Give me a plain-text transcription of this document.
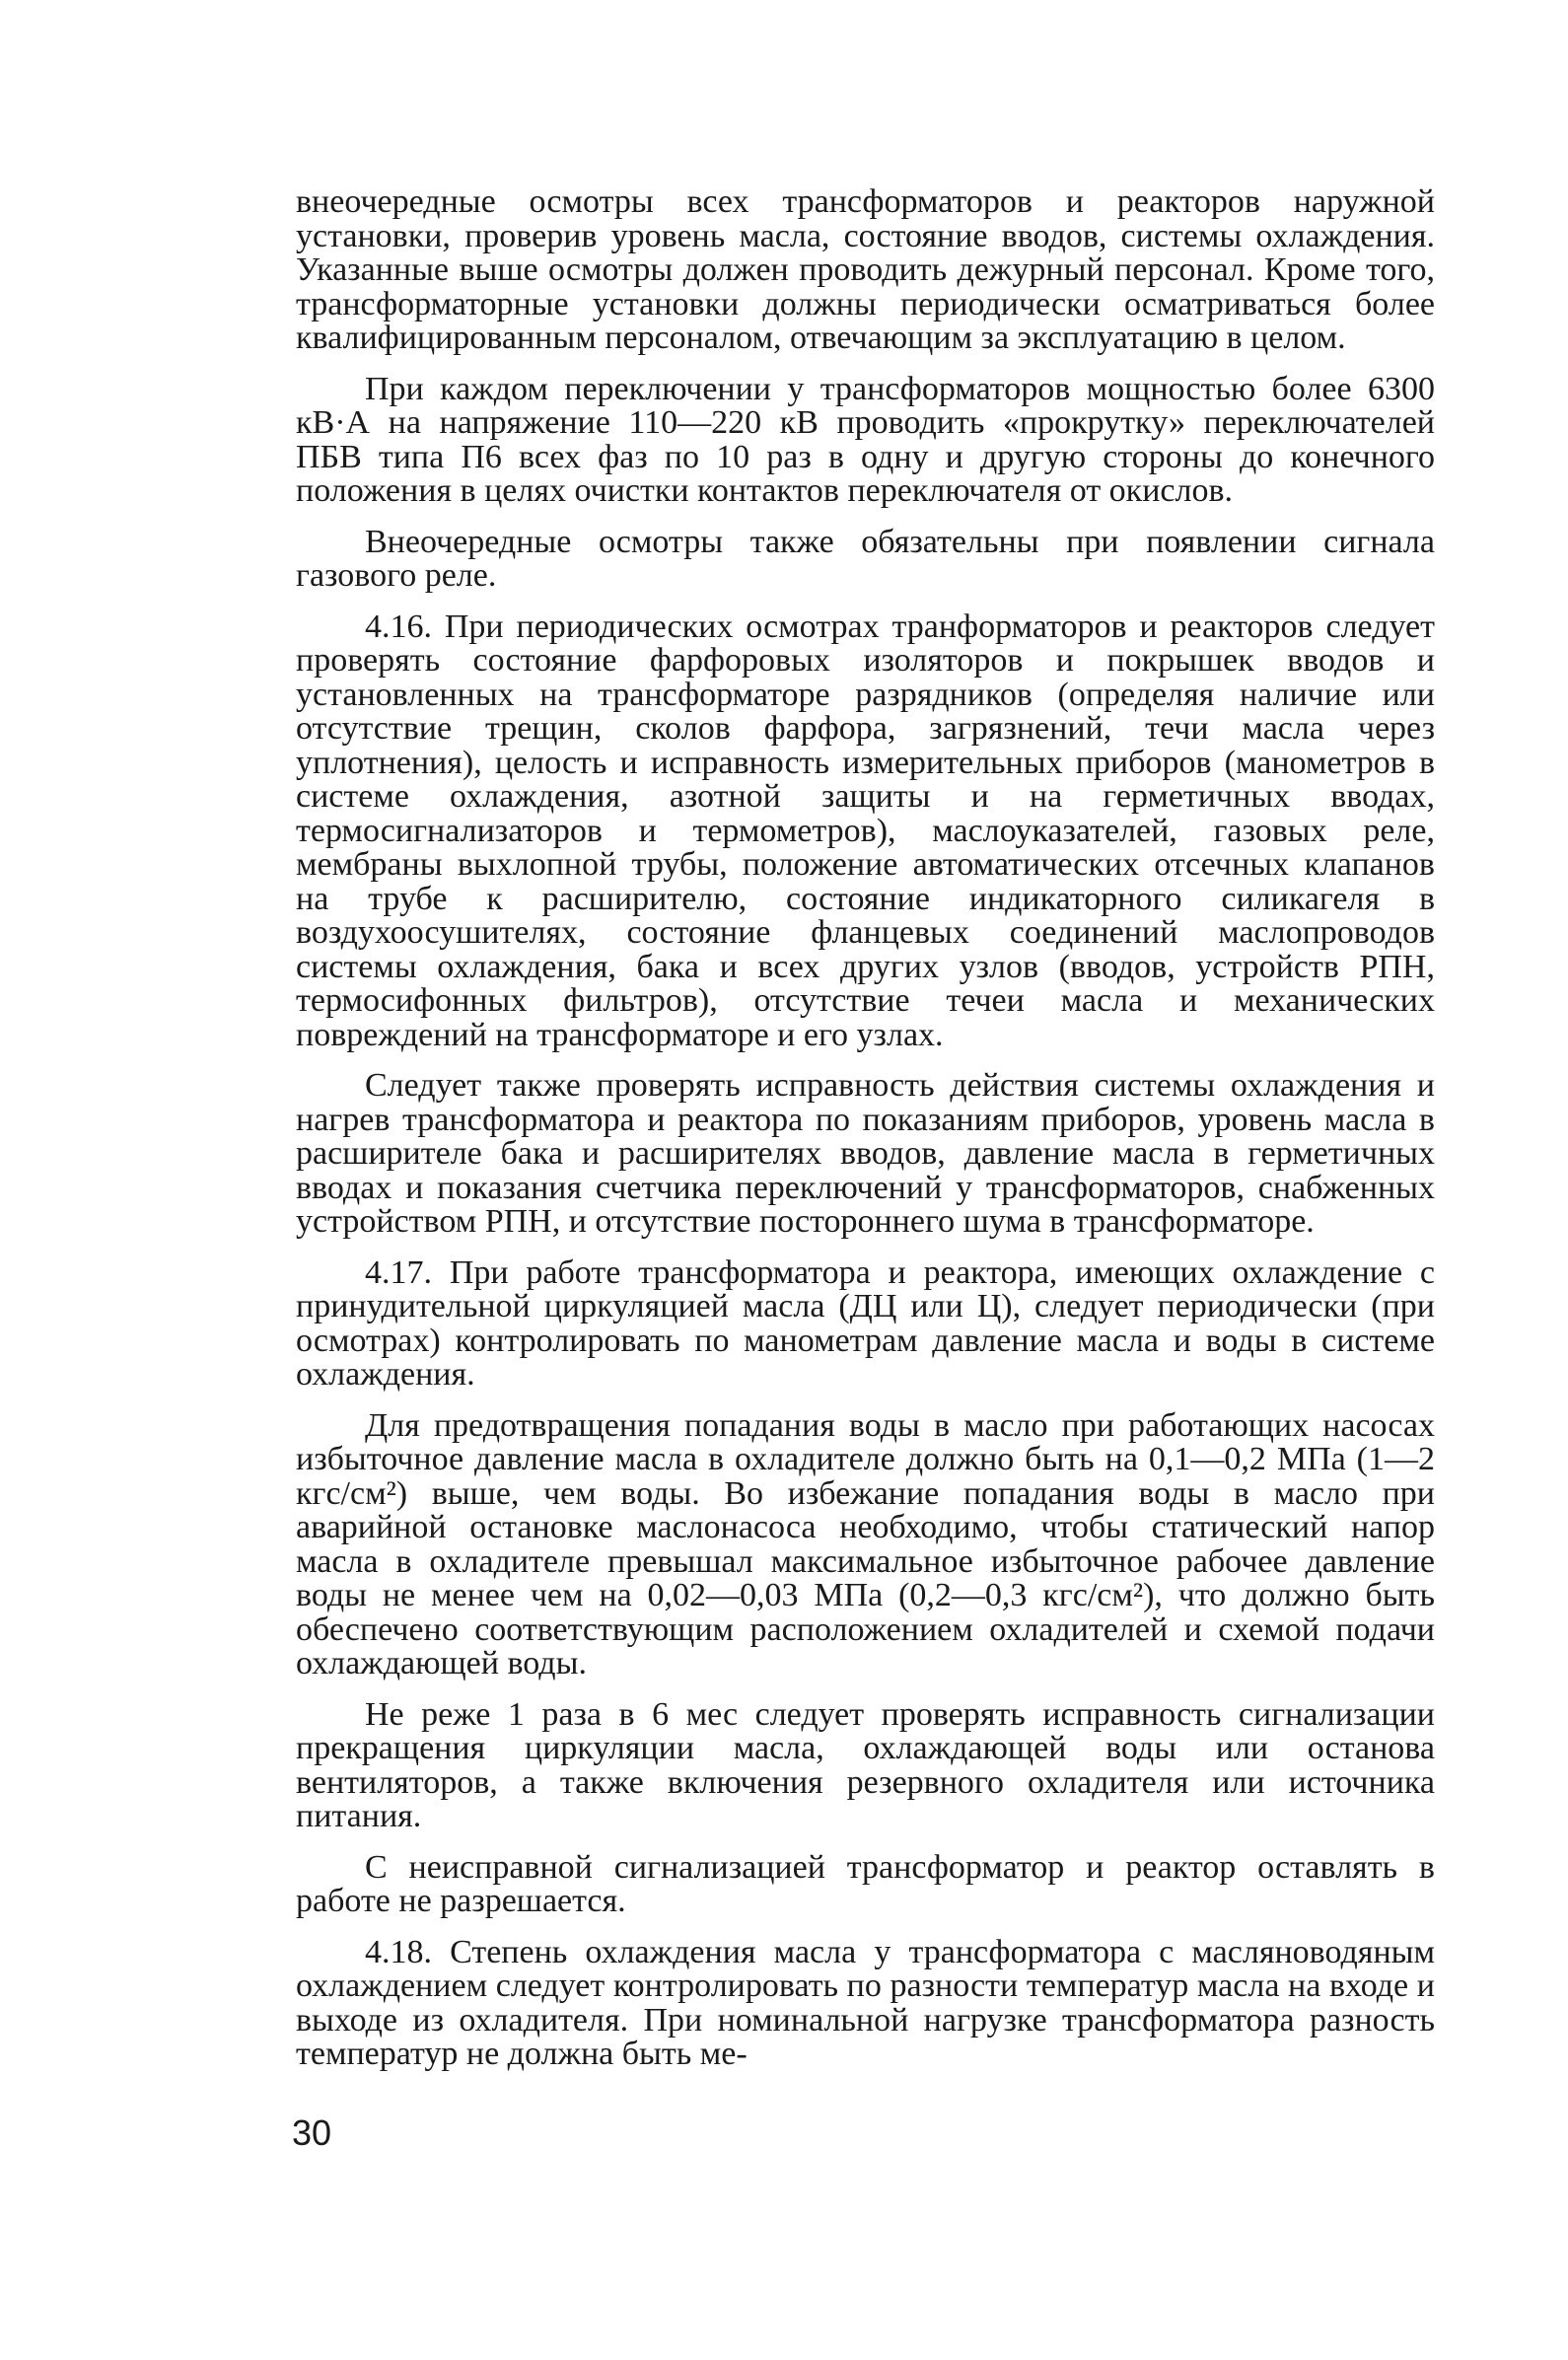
внеочередные осмотры всех трансформаторов и реакторов наружной установки, проверив уровень масла, состояние вводов, системы охлаждения. Указанные выше осмотры должен проводить дежурный персонал. Кроме того, трансформаторные установки должны периодически осматриваться более квалифицированным персоналом, отвечающим за эксплуатацию в целом.

При каждом переключении у трансформаторов мощностью более 6300 кВ·А на напряжение 110—220 кВ проводить «прокрутку» переключателей ПБВ типа П6 всех фаз по 10 раз в одну и другую стороны до конечного положения в целях очистки контактов переключателя от окислов.

Внеочередные осмотры также обязательны при появлении сигнала газового реле.

4.16. При периодических осмотрах транформаторов и реакторов следует проверять состояние фарфоровых изоляторов и покрышек вводов и установленных на трансформаторе разрядников (определяя наличие или отсутствие трещин, сколов фарфора, загрязнений, течи масла через уплотнения), целость и исправность измерительных приборов (манометров в системе охлаждения, азотной защиты и на герметичных вводах, термосигнализаторов и термометров), маслоуказателей, газовых реле, мембраны выхлопной трубы, положение автоматических отсечных клапанов на трубе к расширителю, состояние индикаторного силикагеля в воздухоосушителях, состояние фланцевых соединений маслопроводов системы охлаждения, бака и всех других узлов (вводов, устройств РПН, термосифонных фильтров), отсутствие течеи масла и механических повреждений на трансформаторе и его узлах.

Следует также проверять исправность действия системы охлаждения и нагрев трансформатора и реактора по показаниям приборов, уровень масла в расширителе бака и расширителях вводов, давление масла в герметичных вводах и показания счетчика переключений у трансформаторов, снабженных устройством РПН, и отсутствие постороннего шума в трансформаторе.

4.17. При работе трансформатора и реактора, имеющих охлаждение с принудительной циркуляцией масла (ДЦ или Ц), следует периодически (при осмотрах) контролировать по манометрам давление масла и воды в системе охлаждения.

Для предотвращения попадания воды в масло при работающих насосах избыточное давление масла в охладителе должно быть на 0,1—0,2 МПа (1—2 кгс/см²) выше, чем воды. Во избежание попадания воды в масло при аварийной остановке маслонасоса необходимо, чтобы статический напор масла в охладителе превышал максимальное избыточное рабочее давление воды не менее чем на 0,02—0,03 МПа (0,2—0,3 кгс/см²), что должно быть обеспечено соответствующим расположением охладителей и схемой подачи охлаждающей воды.

Не реже 1 раза в 6 мес следует проверять исправность сигнализации прекращения циркуляции масла, охлаждающей воды или останова вентиляторов, а также включения резервного охладителя или источника питания.

С неисправной сигнализацией трансформатор и реактор оставлять в работе не разрешается.

4.18. Степень охлаждения масла у трансформатора с масляноводяным охлаждением следует контролировать по разности температур масла на входе и выходе из охладителя. При номинальной нагрузке трансформатора разность температур не должна быть ме-

30
